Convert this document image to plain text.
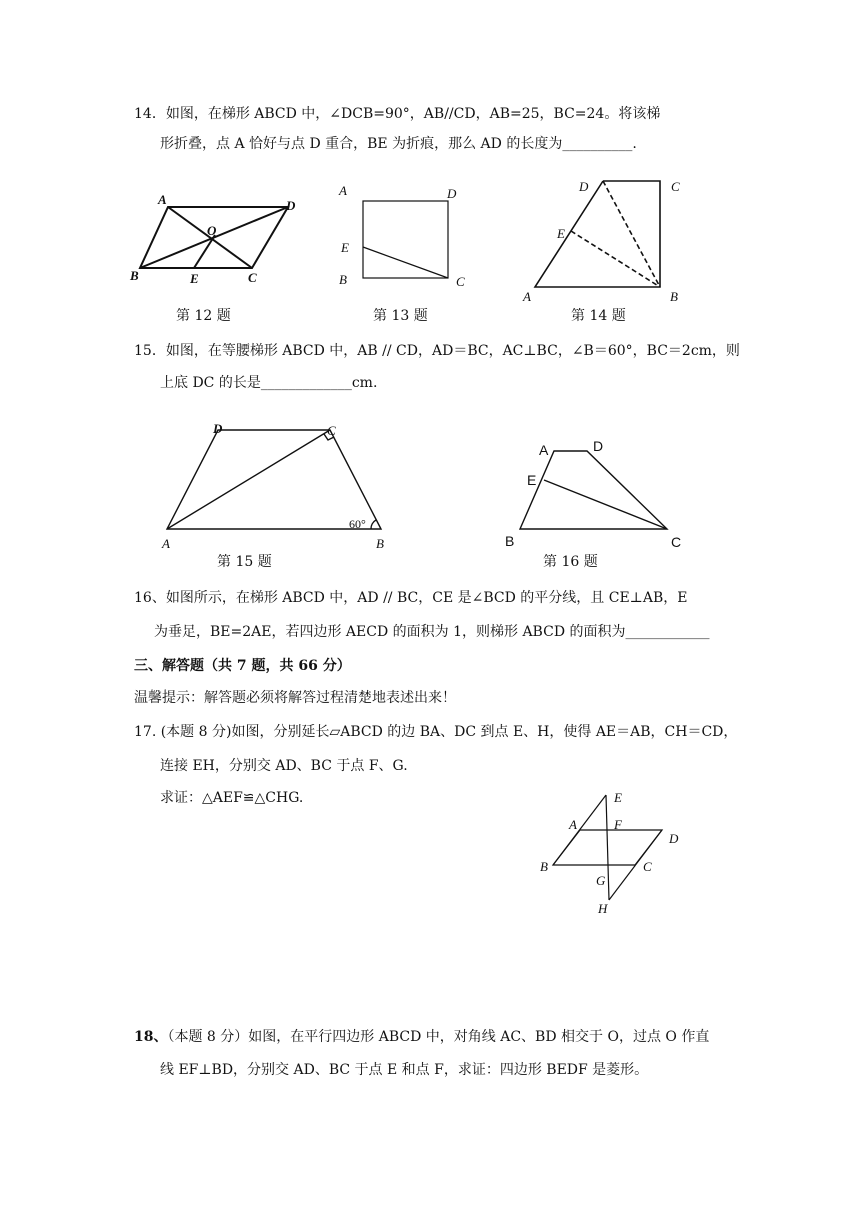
14．如图，在梯形 ABCD 中，∠DCB=90°，AB//CD，AB=25，BC=24。将该梯
形折叠，点 A 恰好与点 D 重合，BE 为折痕，那么 AD 的长度为__________.
A	D
O
B	E	C
第 12 题
A	D
E
B	C
第 13 题
D	C
E
A	B
第 14 题
15．如图，在等腰梯形 ABCD 中，AB // CD，AD＝BC，AC⊥BC，∠B＝60°，BC＝2cm，则
上底 DC 的长是_____________cm.
D	C
A	B
60°
第 15 题
A	D
E
B	C
第 16 题
16、如图所示，在梯形 ABCD 中，AD // BC，CE 是∠BCD 的平分线，且 CE⊥AB，E
为垂足，BE=2AE，若四边形 AECD 的面积为 1，则梯形 ABCD 的面积为____________
三、解答题（共 7 题，共 66 分）
温馨提示：解答题必须将解答过程清楚地表述出来！
17. (本题 8 分)如图，分别延长▱ABCD 的边 BA、DC 到点 E、H，使得 AE＝AB，CH＝CD，
连接 EH，分别交 AD、BC 于点 F、G.
求证：△AEF≌△CHG.	E
A	F
D
B	C
G
H
18、（本题 8 分）如图，在平行四边形 ABCD 中，对角线 AC、BD 相交于 O，过点 O 作直
线 EF⊥BD，分别交 AD、BC 于点 E 和点 F，求证：四边形 BEDF 是菱形。
